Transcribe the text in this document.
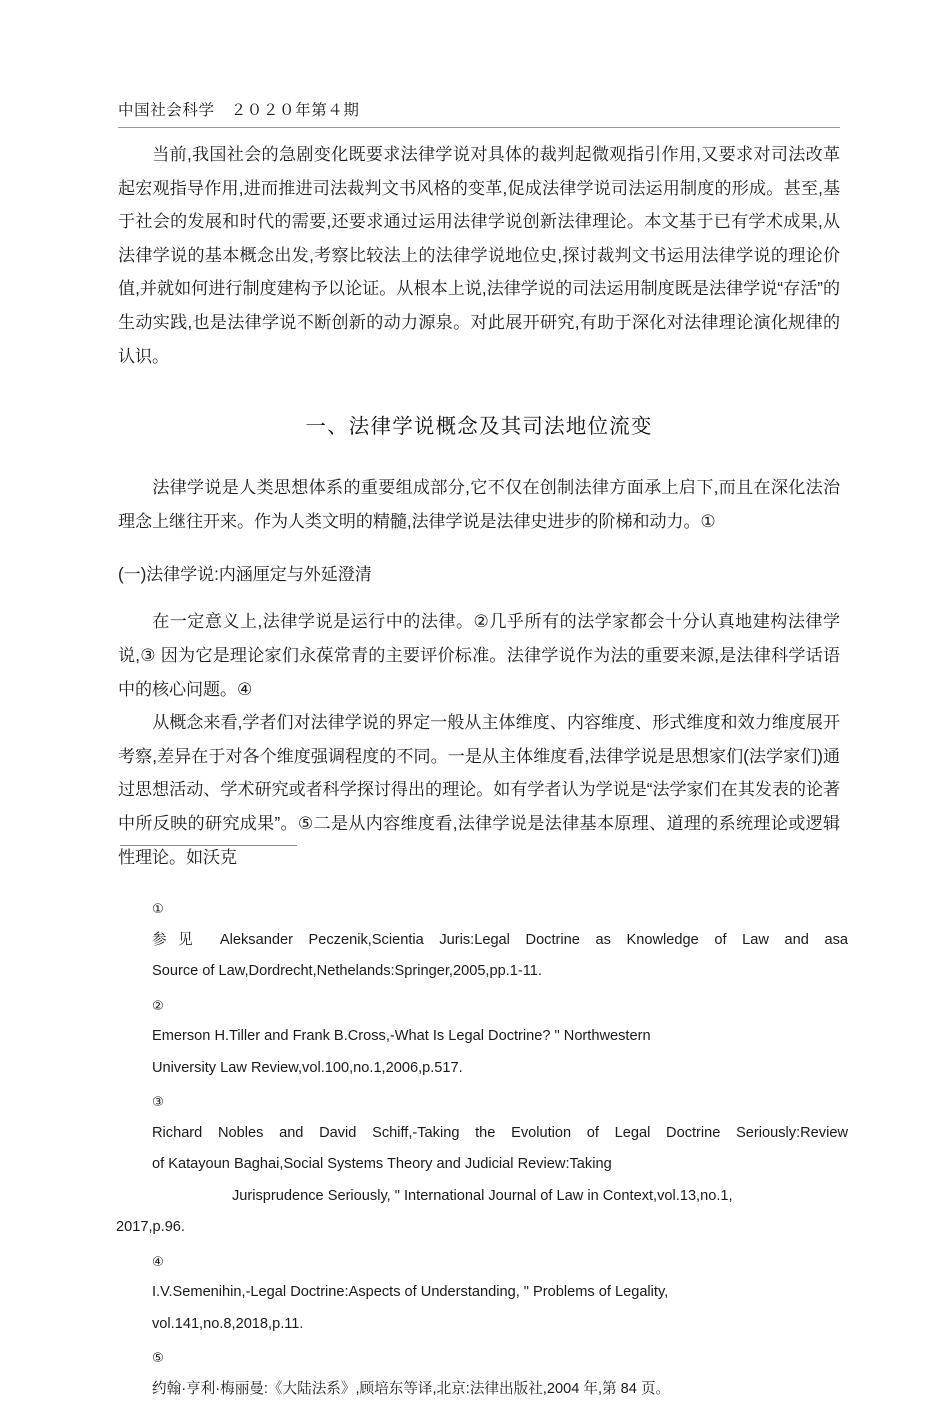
中国社会科学　２０２０年第４期

当前,我国社会的急剧变化既要求法律学说对具体的裁判起微观指引作用,又要求对司法改革起宏观指导作用,进而推进司法裁判文书风格的变革,促成法律学说司法运用制度的形成。甚至,基于社会的发展和时代的需要,还要求通过运用法律学说创新法律理论。本文基于已有学术成果,从法律学说的基本概念出发,考察比较法上的法律学说地位史,探讨裁判文书运用法律学说的理论价值,并就如何进行制度建构予以论证。从根本上说,法律学说的司法运用制度既是法律学说“存活”的生动实践,也是法律学说不断创新的动力源泉。对此展开研究,有助于深化对法律理论演化规律的认识。

一、法律学说概念及其司法地位流变

法律学说是人类思想体系的重要组成部分,它不仅在创制法律方面承上启下,而且在深化法治理念上继往开来。作为人类文明的精髓,法律学说是法律史进步的阶梯和动力。①

(一)法律学说:内涵厘定与外延澄清

在一定意义上,法律学说是运行中的法律。②几乎所有的法学家都会十分认真地建构法律学说,③ 因为它是理论家们永葆常青的主要评价标准。法律学说作为法的重要来源,是法律科学话语中的核心问题。④

从概念来看,学者们对法律学说的界定一般从主体维度、内容维度、形式维度和效力维度展开考察,差异在于对各个维度强调程度的不同。一是从主体维度看,法律学说是思想家们(法学家们)通过思想活动、学术研究或者科学探讨得出的理论。如有学者认为学说是“法学家们在其发表的论著中所反映的研究成果”。⑤二是从内容维度看,法律学说是法律基本原理、道理的系统理论或逻辑性理论。如沃克

①
参见 Aleksander Peczenik,Scientia Juris:Legal Doctrine as Knowledge of Law and asa
Source of Law,Dordrecht,Nethelands:Springer,2005,pp.1-11.
②
Emerson H.Tiller and Frank B.Cross,‑What Is Legal Doctrine? " Northwestern
University Law Review,vol.100,no.1,2006,p.517.
③
Richard Nobles and David Schiff,‑Taking the Evolution of Legal Doctrine Seriously:Review
of Katayoun Baghai,Social Systems Theory and Judicial Review:Taking
Jurisprudence Seriously, " International Journal of Law in Context,vol.13,no.1,
2017,p.96.
④
I.V.Semenihin,‑Legal Doctrine:Aspects of Understanding, " Problems of Legality,
vol.141,no.8,2018,p.11.
⑤
约翰·亨利·梅丽曼:《大陆法系》,顾培东等译,北京:法律出版社,2004 年,第 84 页。
